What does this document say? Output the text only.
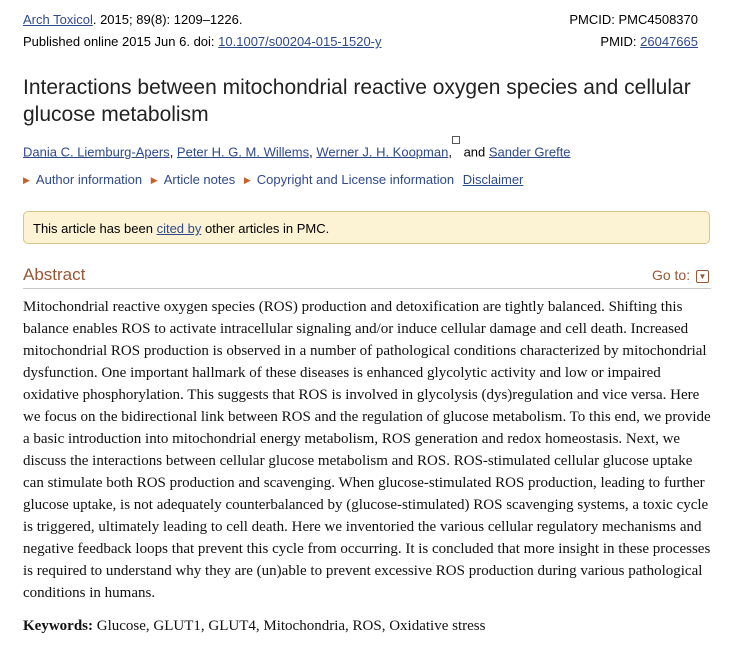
Arch Toxicol. 2015; 89(8): 1209–1226.	PMCID: PMC4508370
Published online 2015 Jun 6. doi: 10.1007/s00204-015-1520-y	PMID: 26047665
Interactions between mitochondrial reactive oxygen species and cellular glucose metabolism
Dania C. Liemburg-Apers, Peter H. G. M. Willems, Werner J. H. Koopman, and Sander Grefte
▶ Author information ▶ Article notes ▶ Copyright and License information Disclaimer
This article has been cited by other articles in PMC.
Abstract	Go to: ▼

Mitochondrial reactive oxygen species (ROS) production and detoxification are tightly balanced. Shifting this balance enables ROS to activate intracellular signaling and/or induce cellular damage and cell death. Increased mitochondrial ROS production is observed in a number of pathological conditions characterized by mitochondrial dysfunction. One important hallmark of these diseases is enhanced glycolytic activity and low or impaired oxidative phosphorylation. This suggests that ROS is involved in glycolysis (dys)regulation and vice versa. Here we focus on the bidirectional link between ROS and the regulation of glucose metabolism. To this end, we provide a basic introduction into mitochondrial energy metabolism, ROS generation and redox homeostasis. Next, we discuss the interactions between cellular glucose metabolism and ROS. ROS-stimulated cellular glucose uptake can stimulate both ROS production and scavenging. When glucose-stimulated ROS production, leading to further glucose uptake, is not adequately counterbalanced by (glucose-stimulated) ROS scavenging systems, a toxic cycle is triggered, ultimately leading to cell death. Here we inventoried the various cellular regulatory mechanisms and negative feedback loops that prevent this cycle from occurring. It is concluded that more insight in these processes is required to understand why they are (un)able to prevent excessive ROS production during various pathological conditions in humans.

Keywords: Glucose, GLUT1, GLUT4, Mitochondria, ROS, Oxidative stress
